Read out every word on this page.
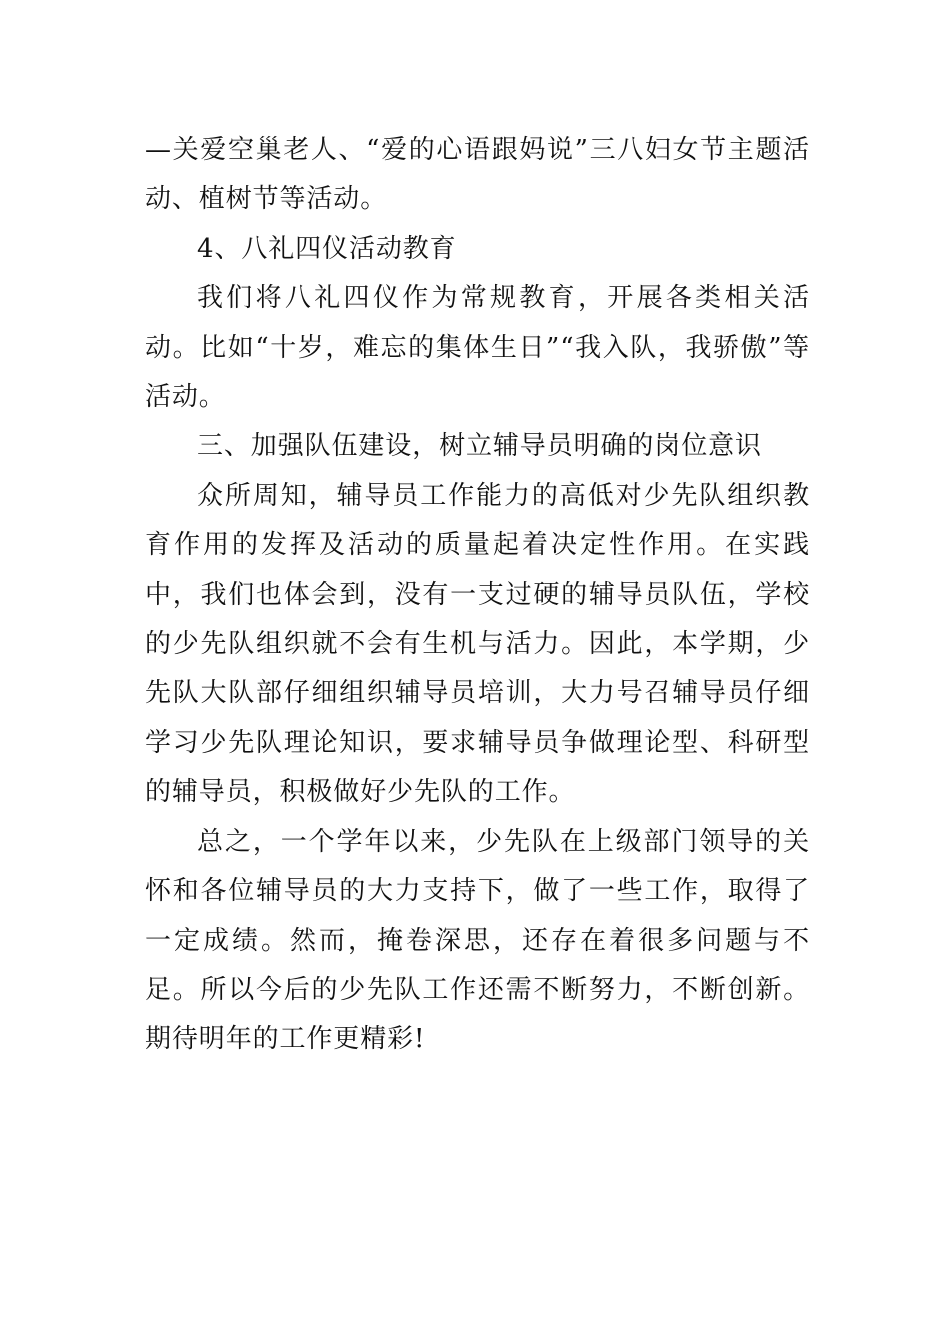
—关爱空巢老人、“爱的心语跟妈说”三八妇女节主题活动、植树节等活动。

4、八礼四仪活动教育

我们将八礼四仪作为常规教育，开展各类相关活动。比如“十岁，难忘的集体生日”“我入队，我骄傲”等活动。

三、加强队伍建设，树立辅导员明确的岗位意识

众所周知，辅导员工作能力的高低对少先队组织教育作用的发挥及活动的质量起着决定性作用。在实践中，我们也体会到，没有一支过硬的辅导员队伍，学校的少先队组织就不会有生机与活力。因此，本学期，少先队大队部仔细组织辅导员培训，大力号召辅导员仔细学习少先队理论知识，要求辅导员争做理论型、科研型的辅导员，积极做好少先队的工作。

总之，一个学年以来，少先队在上级部门领导的关怀和各位辅导员的大力支持下，做了一些工作，取得了一定成绩。然而，掩卷深思，还存在着很多问题与不足。所以今后的少先队工作还需不断努力，不断创新。期待明年的工作更精彩!
